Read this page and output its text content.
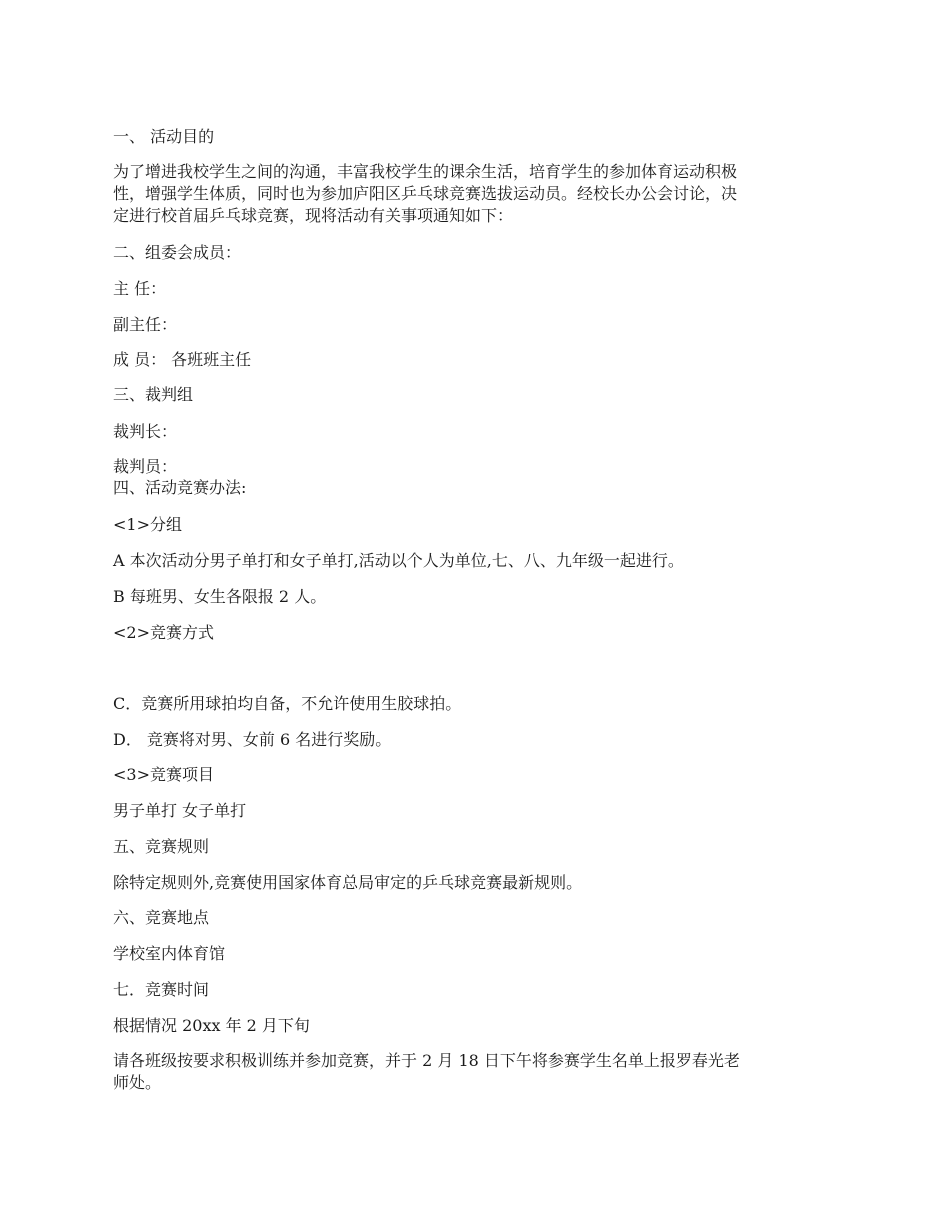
一、 活动目的

为了增进我校学生之间的沟通，丰富我校学生的课余生活，培育学生的参加体育运动积极

性，增强学生体质，同时也为参加庐阳区乒乓球竞赛选拔运动员。经校长办公会讨论，决

定进行校首届乒乓球竞赛，现将活动有关事项通知如下：

二、组委会成员：
主 任：
副主任：
成 员： 各班班主任
三、裁判组
裁判长：
裁判员：
四、活动竞赛办法:
<1>分组
A 本次活动分男子单打和女子单打,活动以个人为单位,七、八、九年级一起进行。
B 每班男、女生各限报 2 人。
<2>竞赛方式
C．竞赛所用球拍均自备，不允许使用生胶球拍。
D． 竞赛将对男、女前 6 名进行奖励。
<3>竞赛项目
男子单打 女子单打
五、竞赛规则
除特定规则外,竞赛使用国家体育总局审定的乒乓球竞赛最新规则。
六、竞赛地点
学校室内体育馆
七．竞赛时间
根据情况 20xx 年 2 月下旬

请各班级按要求积极训练并参加竞赛，并于 2 月 18 日下午将参赛学生名单上报罗春光老

师处。
